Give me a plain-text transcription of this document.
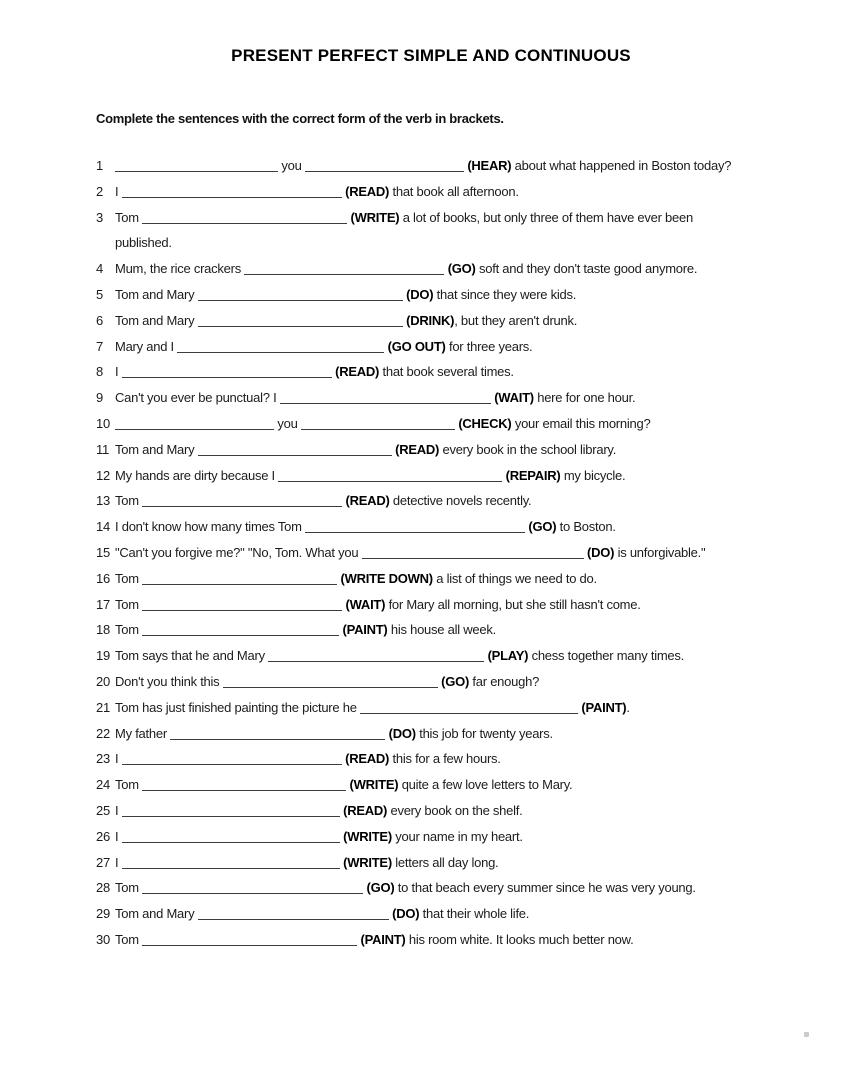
PRESENT PERFECT SIMPLE AND CONTINUOUS

Complete the sentences with the correct form of the verb in brackets.

1	you	(HEAR) about what happened in Boston today?
2 I	(READ) that book all afternoon.
3 Tom	(WRITE) a lot of books, but only three of them have ever been published.
4 Mum, the rice crackers	(GO) soft and they don't taste good anymore.
5 Tom and Mary	(DO) that since they were kids.
6 Tom and Mary	(DRINK), but they aren't drunk.
7 Mary and I	(GO OUT) for three years.
8 I	(READ) that book several times.
9 Can't you ever be punctual? I	(WAIT) here for one hour.
10	you	(CHECK) your email this morning?
11 Tom and Mary	(READ) every book in the school library.
12 My hands are dirty because I	(REPAIR) my bicycle.
13 Tom	(READ) detective novels recently.
14 I don't know how many times Tom	(GO) to Boston.
15 "Can't you forgive me?" "No, Tom. What you	(DO) is unforgivable."
16 Tom	(WRITE DOWN) a list of things we need to do.
17 Tom	(WAIT) for Mary all morning, but she still hasn't come.
18 Tom	(PAINT) his house all week.
19 Tom says that he and Mary	(PLAY) chess together many times.
20 Don't you think this	(GO) far enough?
21 Tom has just finished painting the picture he	(PAINT).
22 My father	(DO) this job for twenty years.
23 I	(READ) this for a few hours.
24 Tom	(WRITE) quite a few love letters to Mary.
25 I	(READ) every book on the shelf.
26 I	(WRITE) your name in my heart.
27 I	(WRITE) letters all day long.
28 Tom	(GO) to that beach every summer since he was very young.
29 Tom and Mary	(DO) that their whole life.
30 Tom	(PAINT) his room white. It looks much better now.
